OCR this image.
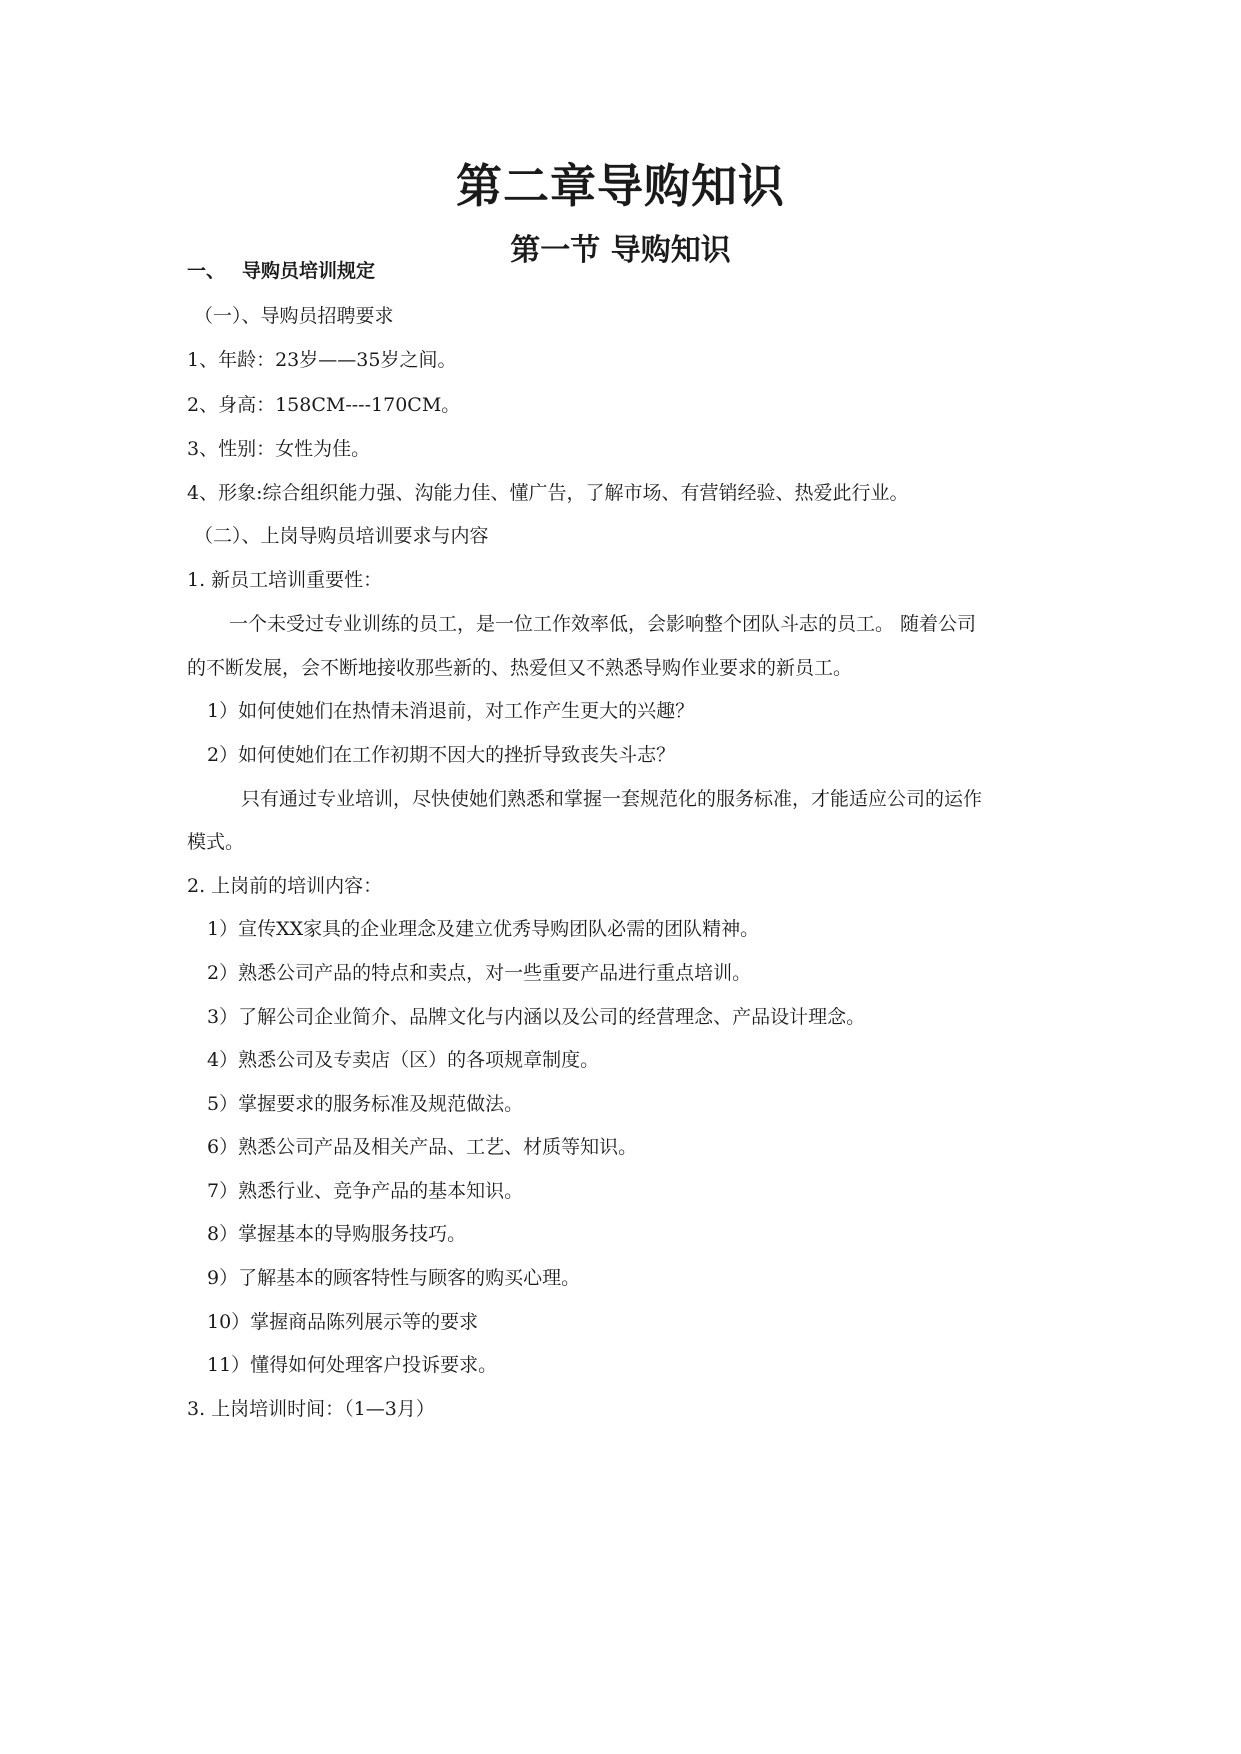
第二章导购知识
第一节 导购知识
一、 导购员培训规定
（一）、导购员招聘要求
1、年龄：23岁——35岁之间。
2、身高：158CM----170CM。
3、性别：女性为佳。
4、形象:综合组织能力强、沟能力佳、懂广告，了解市场、有营销经验、热爱此行业。
（二）、上岗导购员培训要求与内容
1. 新员工培训重要性：
一个未受过专业训练的员工，是一位工作效率低，会影响整个团队斗志的员工。 随着公司
的不断发展，会不断地接收那些新的、热爱但又不熟悉导购作业要求的新员工。
1）如何使她们在热情未消退前，对工作产生更大的兴趣？
2）如何使她们在工作初期不因大的挫折导致丧失斗志？
只有通过专业培训，尽快使她们熟悉和掌握一套规范化的服务标准，才能适应公司的运作
模式。
2. 上岗前的培训内容：
1）宣传XX家具的企业理念及建立优秀导购团队必需的团队精神。
2）熟悉公司产品的特点和卖点，对一些重要产品进行重点培训。
3）了解公司企业简介、品牌文化与内涵以及公司的经营理念、产品设计理念。
4）熟悉公司及专卖店（区）的各项规章制度。
5）掌握要求的服务标准及规范做法。
6）熟悉公司产品及相关产品、工艺、材质等知识。
7）熟悉行业、竞争产品的基本知识。
8）掌握基本的导购服务技巧。
9）了解基本的顾客特性与顾客的购买心理。
10）掌握商品陈列展示等的要求
11）懂得如何处理客户投诉要求。
3. 上岗培训时间：（1—3月）
